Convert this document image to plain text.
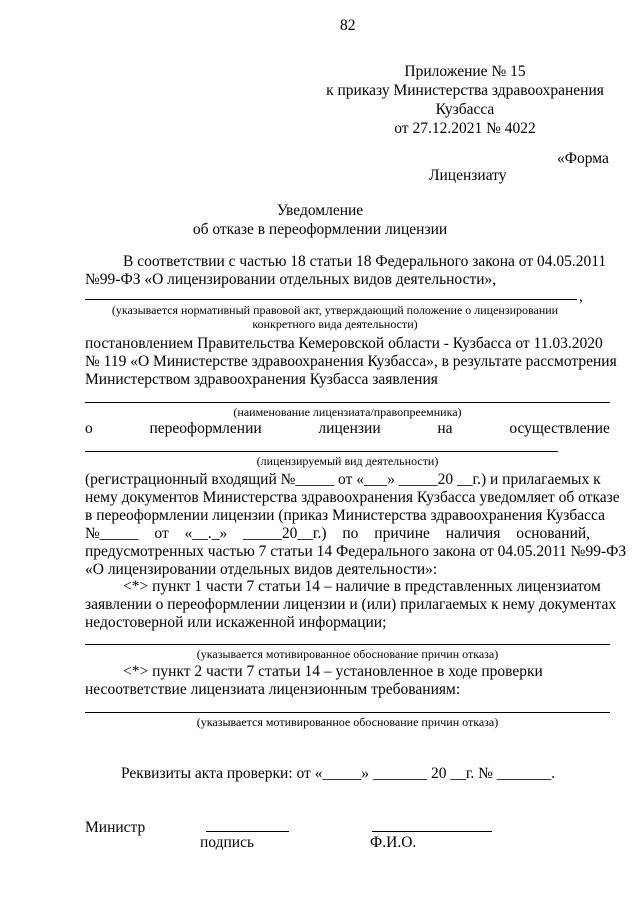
82
Приложение № 15
к приказу Министерства здравоохранения
Кузбасса
от 27.12.2021 № 4022
«Форма
Лицензиату
Уведомление
об отказе в переоформлении лицензии
В соответствии с частью 18 статьи 18 Федерального закона от 04.05.2011
№99-ФЗ «О лицензировании отдельных видов деятельности»,
,
(указывается нормативный правовой акт, утверждающий положение о лицензировании
конкретного вида деятельности)
постановлением Правительства Кемеровской области - Кузбасса от 11.03.2020
№ 119 «О Министерстве здравоохранения Кузбасса», в результате рассмотрения
Министерством здравоохранения Кузбасса заявления
(наименование лицензиата/правопреемника)
о	переоформлении	лицензии	на	осуществление
(лицензируемый вид деятельности)
(регистрационный входящий №_____ от «___» _____20 __г.) и прилагаемых к
нему документов Министерства здравоохранения Кузбасса уведомляет об отказе
в переоформлении лицензии (приказ Министерства здравоохранения Кузбасса
№_____ от «__._» _____20__г.) по причине наличия оснований,
предусмотренных частью 7 статьи 14 Федерального закона от 04.05.2011 №99-ФЗ
«О лицензировании отдельных видов деятельности»:
<*> пункт 1 части 7 статьи 14 – наличие в представленных лицензиатом
заявлении о переоформлении лицензии и (или) прилагаемых к нему документах
недостоверной или искаженной информации;
(указывается мотивированное обоснование причин отказа)
<*> пункт 2 части 7 статьи 14 – установленное в ходе проверки
несоответствие лицензиата лицензионным требованиям:
(указывается мотивированное обоснование причин отказа)
Реквизиты акта проверки: от «_____» _______ 20 __г. № _______.
Министр
подпись	Ф.И.О.
